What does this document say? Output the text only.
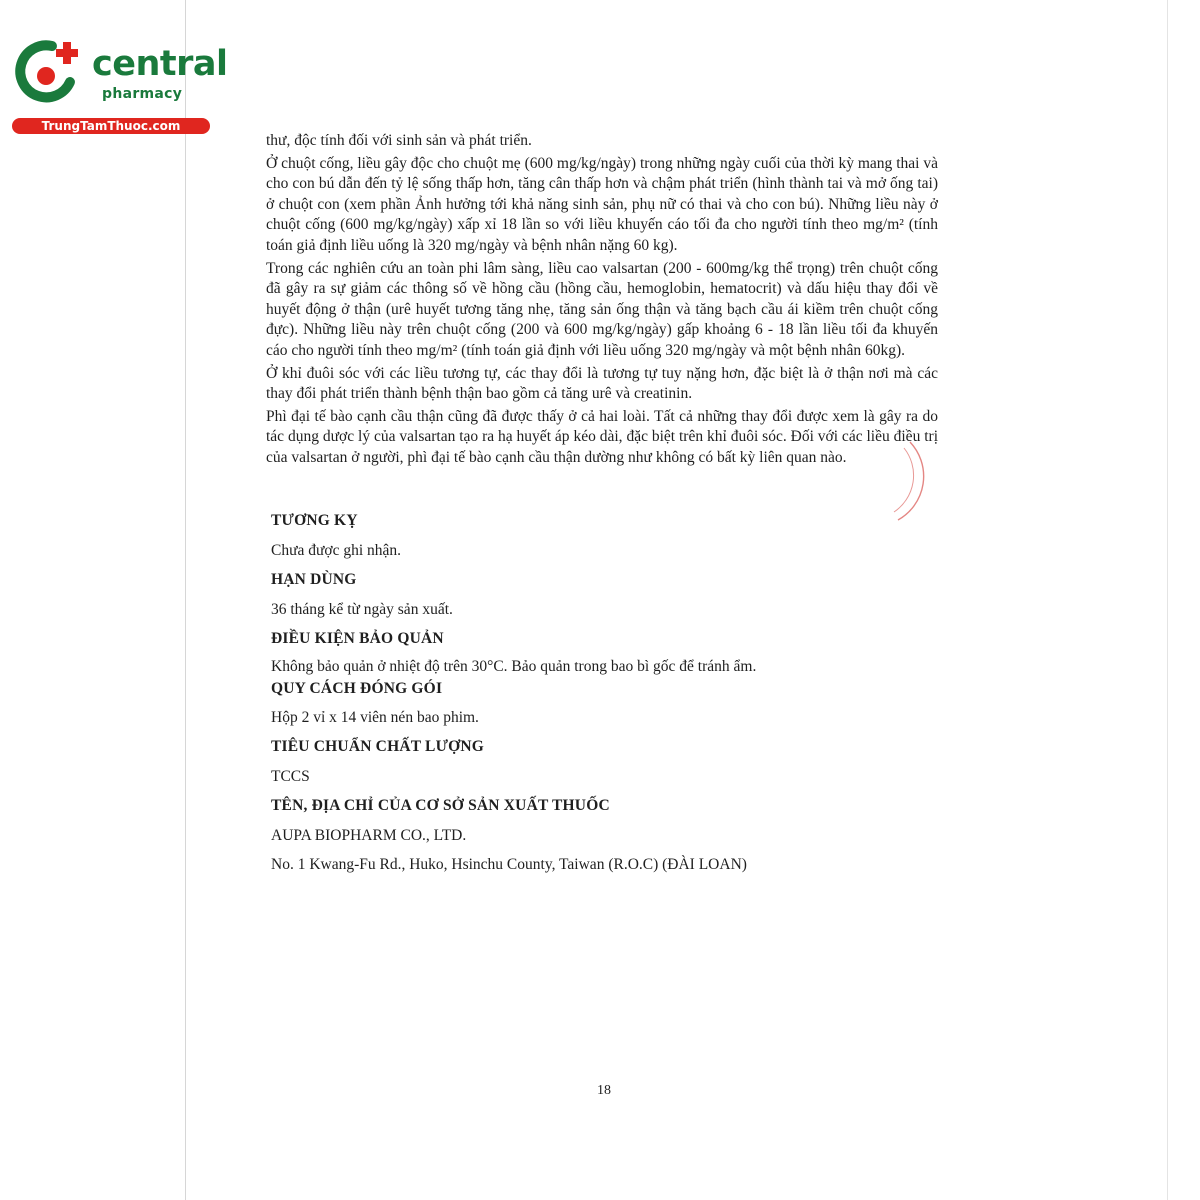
central
pharmacy
TrungTamThuoc.com

thư, độc tính đối với sinh sản và phát triển.

Ở chuột cống, liều gây độc cho chuột mẹ (600 mg/kg/ngày) trong những ngày cuối của thời kỳ mang thai và cho con bú dẫn đến tỷ lệ sống thấp hơn, tăng cân thấp hơn và chậm phát triển (hình thành tai và mở ống tai) ở chuột con (xem phần Ảnh hưởng tới khả năng sinh sản, phụ nữ có thai và cho con bú). Những liều này ở chuột cống (600 mg/kg/ngày) xấp xỉ 18 lần so với liều khuyến cáo tối đa cho người tính theo mg/m² (tính toán giả định liều uống là 320 mg/ngày và bệnh nhân nặng 60 kg).

Trong các nghiên cứu an toàn phi lâm sàng, liều cao valsartan (200 - 600mg/kg thể trọng) trên chuột cống đã gây ra sự giảm các thông số về hồng cầu (hồng cầu, hemoglobin, hematocrit) và dấu hiệu thay đổi về huyết động ở thận (urê huyết tương tăng nhẹ, tăng sản ống thận và tăng bạch cầu ái kiềm trên chuột cống đực). Những liều này trên chuột cống (200 và 600 mg/kg/ngày) gấp khoảng 6 - 18 lần liều tối đa khuyến cáo cho người tính theo mg/m² (tính toán giả định với liều uống 320 mg/ngày và một bệnh nhân 60kg).

Ở khỉ đuôi sóc với các liều tương tự, các thay đổi là tương tự tuy nặng hơn, đặc biệt là ở thận nơi mà các thay đổi phát triển thành bệnh thận bao gồm cả tăng urê và creatinin.

Phì đại tế bào cạnh cầu thận cũng đã được thấy ở cả hai loài. Tất cả những thay đổi được xem là gây ra do tác dụng dược lý của valsartan tạo ra hạ huyết áp kéo dài, đặc biệt trên khỉ đuôi sóc. Đối với các liều điều trị của valsartan ở người, phì đại tế bào cạnh cầu thận dường như không có bất kỳ liên quan nào.

TƯƠNG KỴ
Chưa được ghi nhận.
HẠN DÙNG
36 tháng kể từ ngày sản xuất.
ĐIỀU KIỆN BẢO QUẢN
Không bảo quản ở nhiệt độ trên 30°C. Bảo quản trong bao bì gốc để tránh ẩm.
QUY CÁCH ĐÓNG GÓI
Hộp 2 vỉ x 14 viên nén bao phim.
TIÊU CHUẨN CHẤT LƯỢNG
TCCS
TÊN, ĐỊA CHỈ CỦA CƠ SỞ SẢN XUẤT THUỐC
AUPA BIOPHARM CO., LTD.
No. 1 Kwang-Fu Rd., Huko, Hsinchu County, Taiwan (R.O.C) (ĐÀI LOAN)
18
